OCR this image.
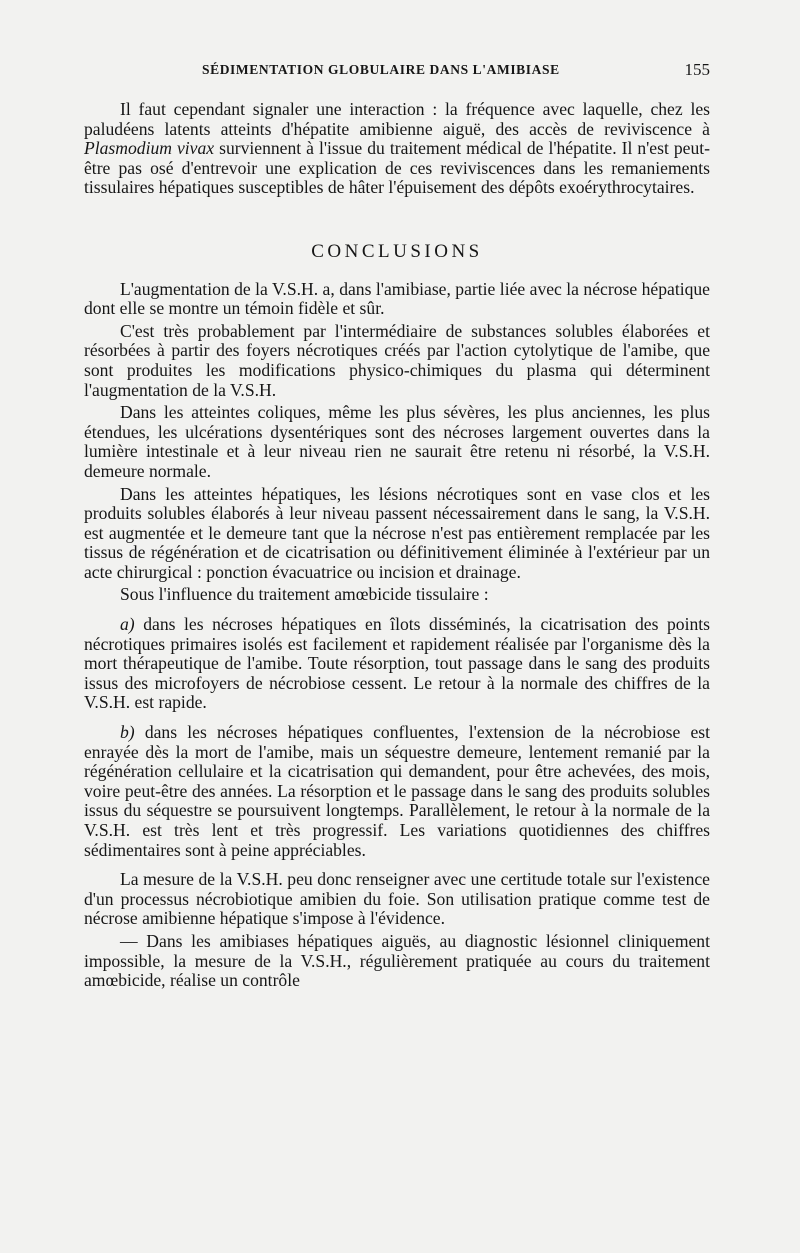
SÉDIMENTATION GLOBULAIRE DANS L'AMIBIASE	155

Il faut cependant signaler une interaction : la fréquence avec laquelle, chez les paludéens latents atteints d'hépatite amibienne aiguë, des accès de reviviscence à Plasmodium vivax surviennent à l'issue du traitement médical de l'hépatite. Il n'est peut-être pas osé d'entrevoir une explication de ces reviviscences dans les remaniements tissulaires hépatiques susceptibles de hâter l'épuisement des dépôts exoérythrocytaires.

CONCLUSIONS

L'augmentation de la V.S.H. a, dans l'amibiase, partie liée avec la nécrose hépatique dont elle se montre un témoin fidèle et sûr.

C'est très probablement par l'intermédiaire de substances solubles élaborées et résorbées à partir des foyers nécrotiques créés par l'action cytolytique de l'amibe, que sont produites les modifications physico-chimiques du plasma qui déterminent l'augmentation de la V.S.H.

Dans les atteintes coliques, même les plus sévères, les plus anciennes, les plus étendues, les ulcérations dysentériques sont des nécroses largement ouvertes dans la lumière intestinale et à leur niveau rien ne saurait être retenu ni résorbé, la V.S.H. demeure normale.

Dans les atteintes hépatiques, les lésions nécrotiques sont en vase clos et les produits solubles élaborés à leur niveau passent nécessairement dans le sang, la V.S.H. est augmentée et le demeure tant que la nécrose n'est pas entièrement remplacée par les tissus de régénération et de cicatrisation ou définitivement éliminée à l'extérieur par un acte chirurgical : ponction évacuatrice ou incision et drainage.

Sous l'influence du traitement amœbicide tissulaire :

a) dans les nécroses hépatiques en îlots disséminés, la cicatrisation des points nécrotiques primaires isolés est facilement et rapidement réalisée par l'organisme dès la mort thérapeutique de l'amibe. Toute résorption, tout passage dans le sang des produits issus des microfoyers de nécrobiose cessent. Le retour à la normale des chiffres de la V.S.H. est rapide.

b) dans les nécroses hépatiques confluentes, l'extension de la nécrobiose est enrayée dès la mort de l'amibe, mais un séquestre demeure, lentement remanié par la régénération cellulaire et la cicatrisation qui demandent, pour être achevées, des mois, voire peut-être des années. La résorption et le passage dans le sang des produits solubles issus du séquestre se poursuivent longtemps. Parallèlement, le retour à la normale de la V.S.H. est très lent et très progressif. Les variations quotidiennes des chiffres sédimentaires sont à peine appréciables.

La mesure de la V.S.H. peu donc renseigner avec une certitude totale sur l'existence d'un processus nécrobiotique amibien du foie. Son utilisation pratique comme test de nécrose amibienne hépatique s'impose à l'évidence.

— Dans les amibiases hépatiques aiguës, au diagnostic lésionnel cliniquement impossible, la mesure de la V.S.H., régulièrement pratiquée au cours du traitement amœbicide, réalise un contrôle
